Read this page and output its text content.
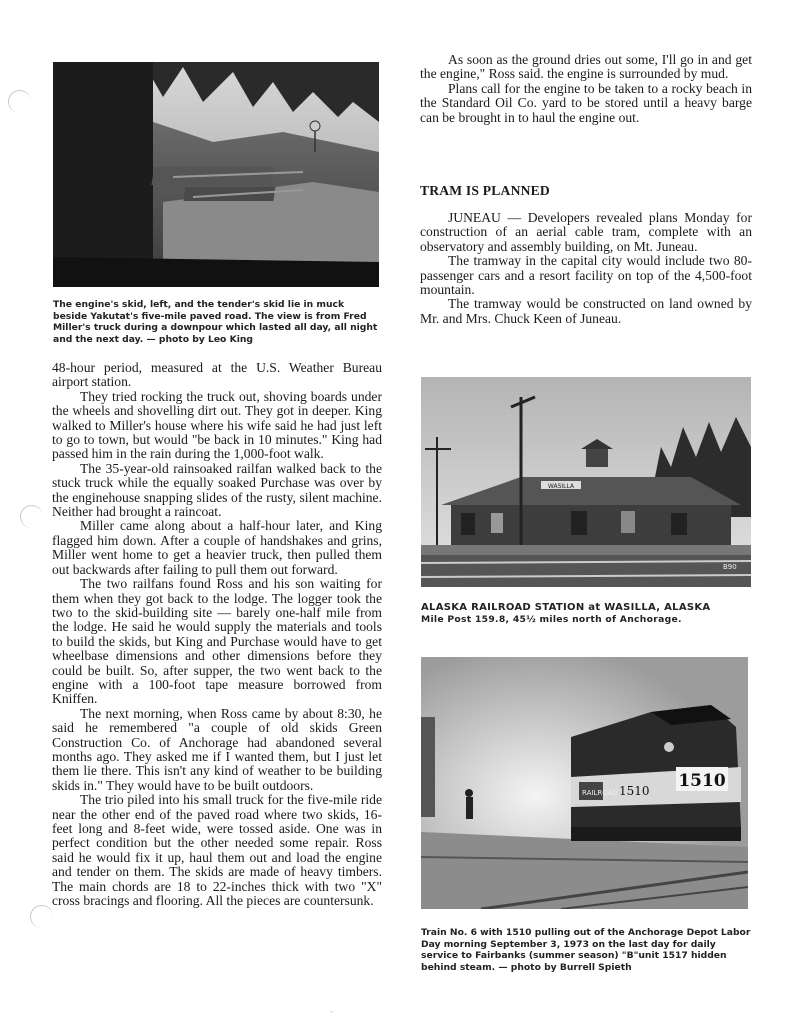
The engine's skid, left, and the tender's skid lie in muck beside Yakutat's five-mile paved road. The view is from Fred Miller's truck during a downpour which lasted all day, all night and the next day. — photo by Leo King

48-hour period, measured at the U.S. Weather Bureau airport station.

They tried rocking the truck out, shoving boards under the wheels and shovelling dirt out. They got in deeper. King walked to Miller's house where his wife said he had just left to go to town, but would "be back in 10 minutes." King had passed him in the rain during the 1,000-foot walk.

The 35-year-old rainsoaked railfan walked back to the stuck truck while the equally soaked Purchase was over by the enginehouse snapping slides of the rusty, silent machine. Neither had brought a raincoat.

Miller came along about a half-hour later, and King flagged him down. After a couple of handshakes and grins, Miller went home to get a heavier truck, then pulled them out backwards after failing to pull them out forward.

The two railfans found Ross and his son waiting for them when they got back to the lodge. The logger took the two to the skid-building site — barely one-half mile from the lodge. He said he would supply the materials and tools to build the skids, but King and Purchase would have to get wheelbase dimensions and other dimensions before they could be built. So, after supper, the two went back to the engine with a 100-foot tape measure borrowed from Kniffen.

The next morning, when Ross came by about 8:30, he said he remembered "a couple of old skids Green Construction Co. of Anchorage had abandoned several months ago. They asked me if I wanted them, but I just let them lie there. This isn't any kind of weather to be building skids in." They would have to be built outdoors.

The trio piled into his small truck for the five-mile ride near the other end of the paved road where two skids, 16-feet long and 8-feet wide, were tossed aside. One was in perfect condition but the other needed some repair. Ross said he would fix it up, haul them out and load the engine and tender on them. The skids are made of heavy timbers. The main chords are 18 to 22-inches thick with two "X" cross bracings and flooring. All the pieces are countersunk.

As soon as the ground dries out some, I'll go in and get the engine," Ross said. the engine is surrounded by mud.

Plans call for the engine to be taken to a rocky beach in the Standard Oil Co. yard to be stored until a heavy barge can be brought in to haul the engine out.

TRAM IS PLANNED

JUNEAU — Developers revealed plans Monday for construction of an aerial cable tram, complete with an observatory and assembly building, on Mt. Juneau.

The tramway in the capital city would include two 80-passenger cars and a resort facility on top of the 4,500-foot mountain.

The tramway would be constructed on land owned by Mr. and Mrs. Chuck Keen of Juneau.

WASILLA
B90
ALASKA RAILROAD STATION at WASILLA, ALASKA
Mile Post 159.8, 45½ miles north of Anchorage.
RAILROAD 1510 1510
Train No. 6 with 1510 pulling out of the Anchorage Depot Labor Day morning September 3, 1973 on the last day for daily service to Fairbanks (summer season) "B"unit 1517 hidden behind steam. — photo by Burrell Spieth
-
